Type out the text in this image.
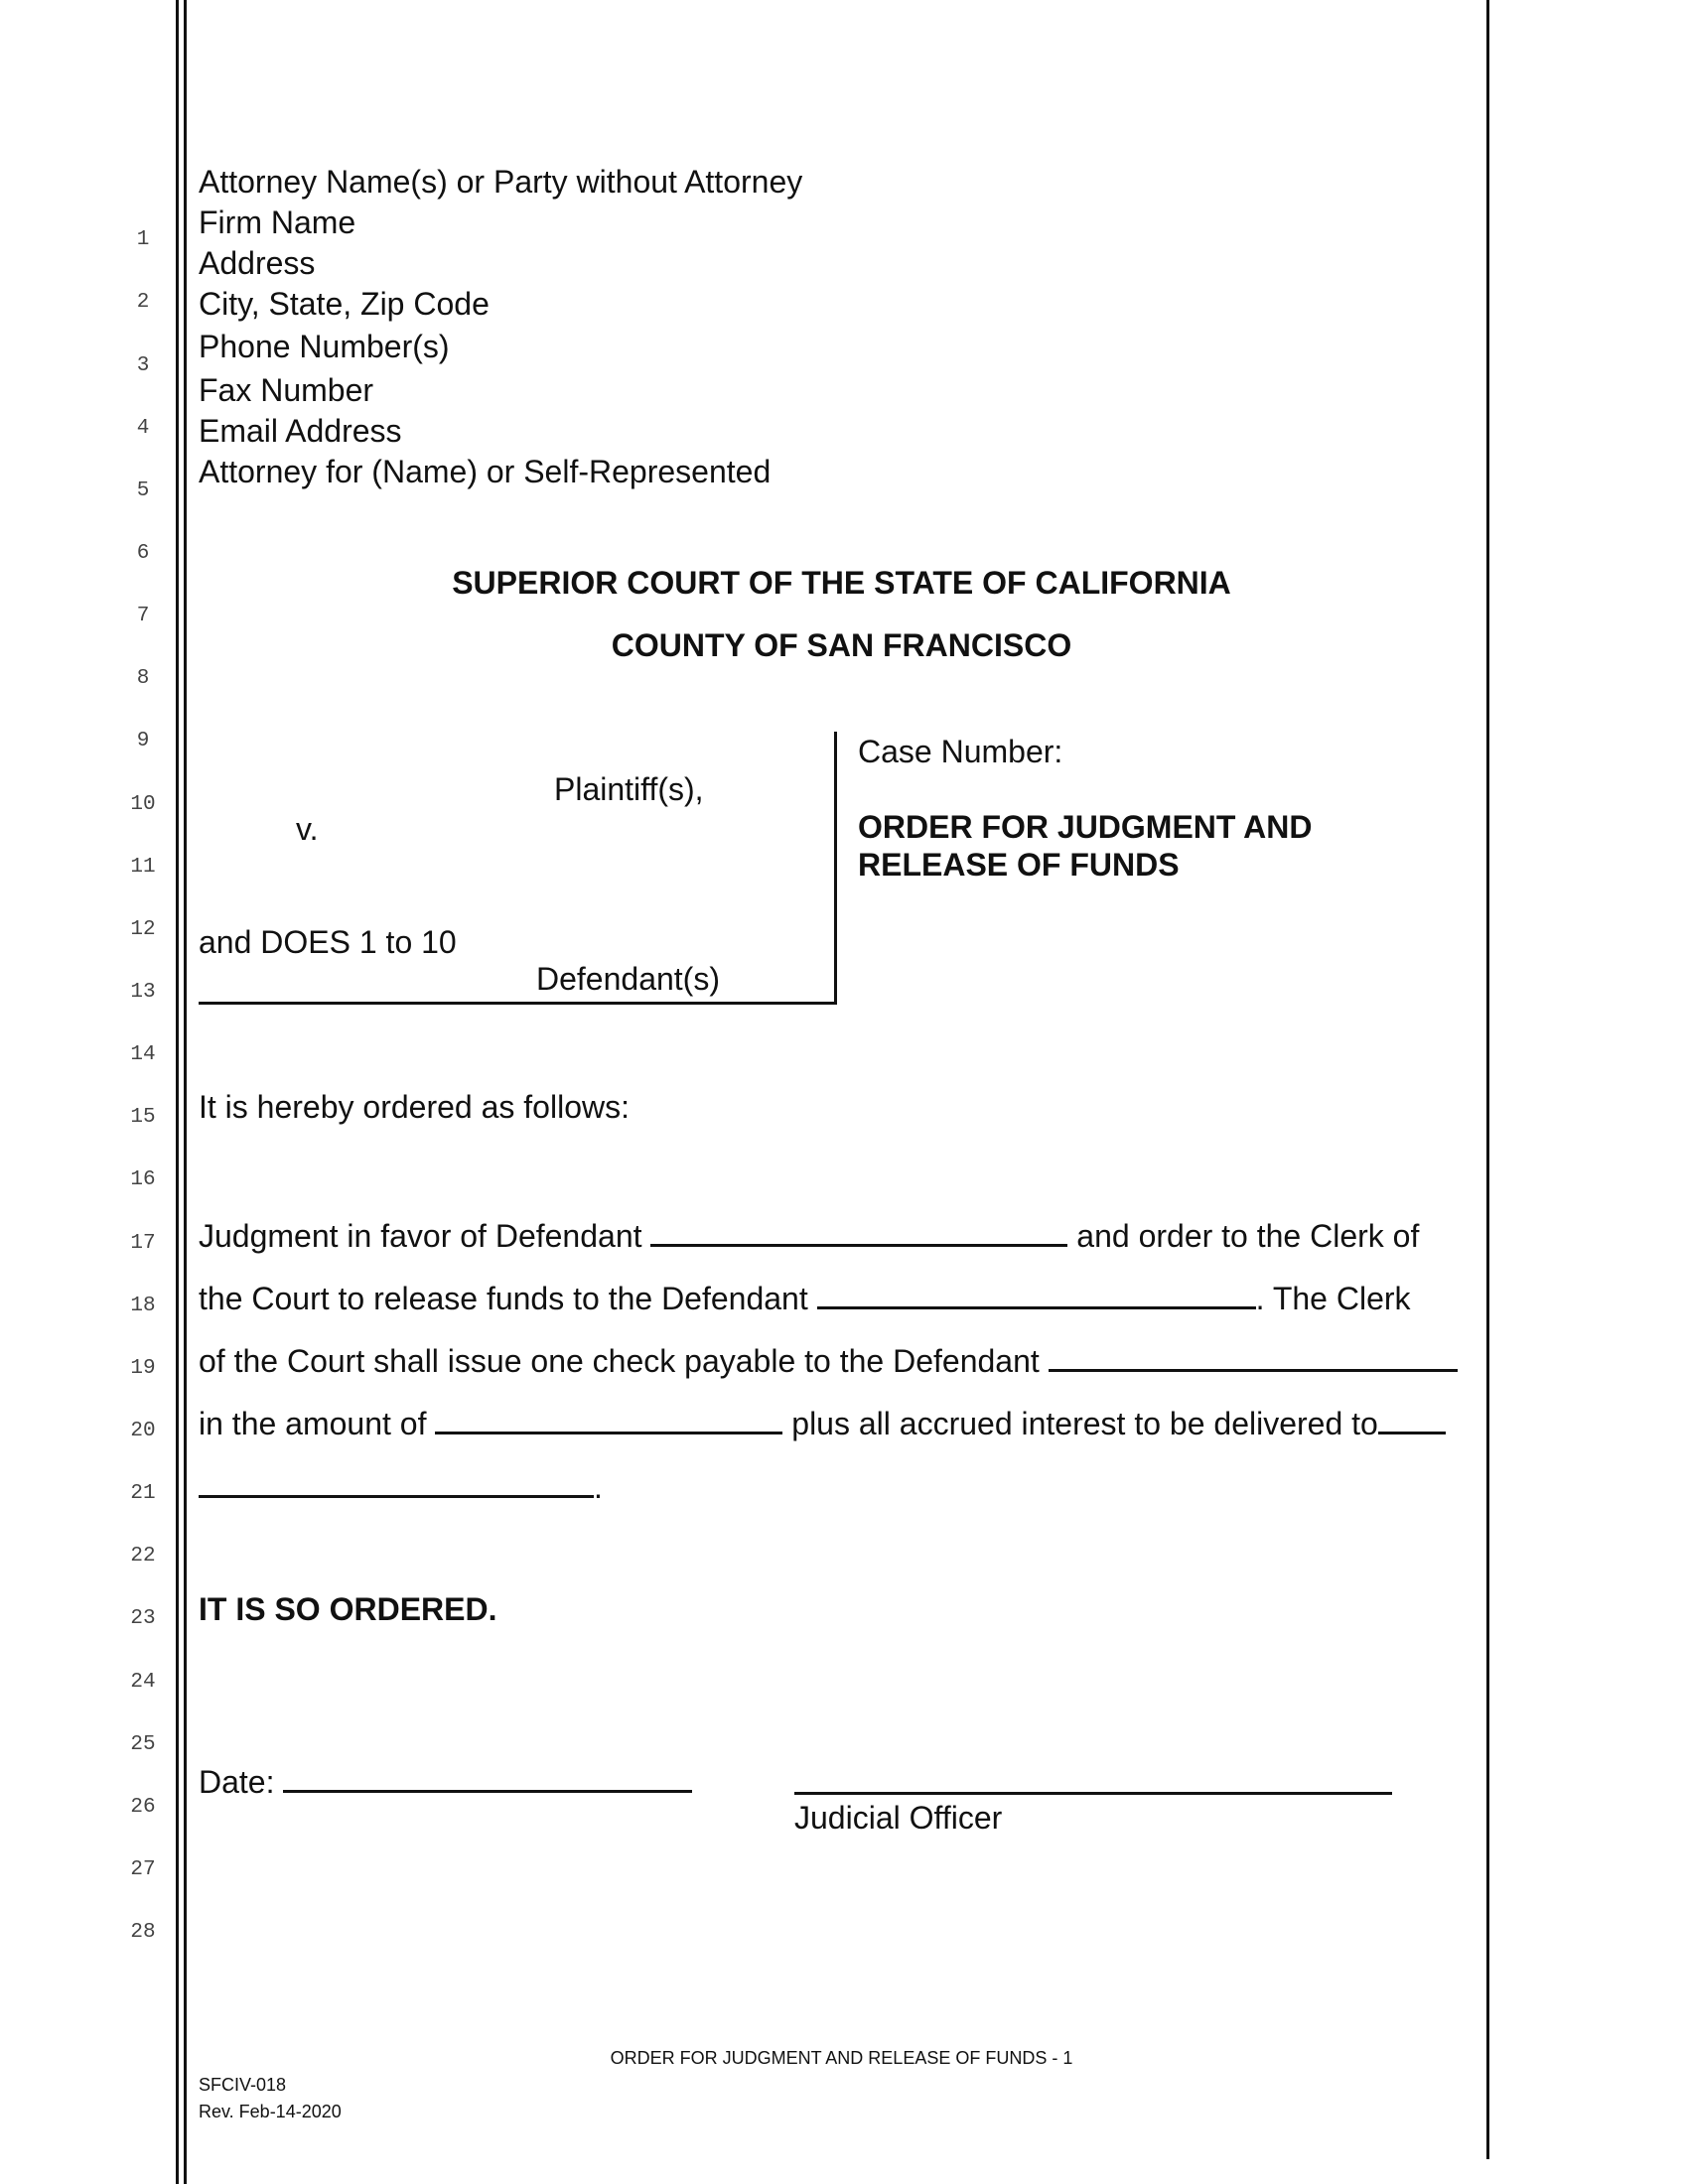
1
2
3
4
5
6
7
8
9
10
11
12
13
14
15
16
17
18
19
20
21
22
23
24
25
26
27
28
Attorney Name(s) or Party without Attorney
Firm Name
Address
City, State, Zip Code
Phone Number(s)
Fax Number
Email Address
Attorney for (Name) or Self-Represented
SUPERIOR COURT OF THE STATE OF CALIFORNIA
COUNTY OF SAN FRANCISCO
Plaintiff(s),
v.
and DOES 1 to 10
Defendant(s)
Case Number:
ORDER FOR JUDGMENT AND
RELEASE OF FUNDS
It is hereby ordered as follows:
Judgment in favor of Defendant	and order to the Clerk of
the Court to release funds to the Defendant	. The Clerk
of the Court shall issue one check payable to the Defendant
in the amount of	plus all accrued interest to be delivered to
.
IT IS SO ORDERED.
Date:
Judicial Officer
ORDER FOR JUDGMENT AND RELEASE OF FUNDS - 1
SFCIV-018
Rev. Feb-14-2020
